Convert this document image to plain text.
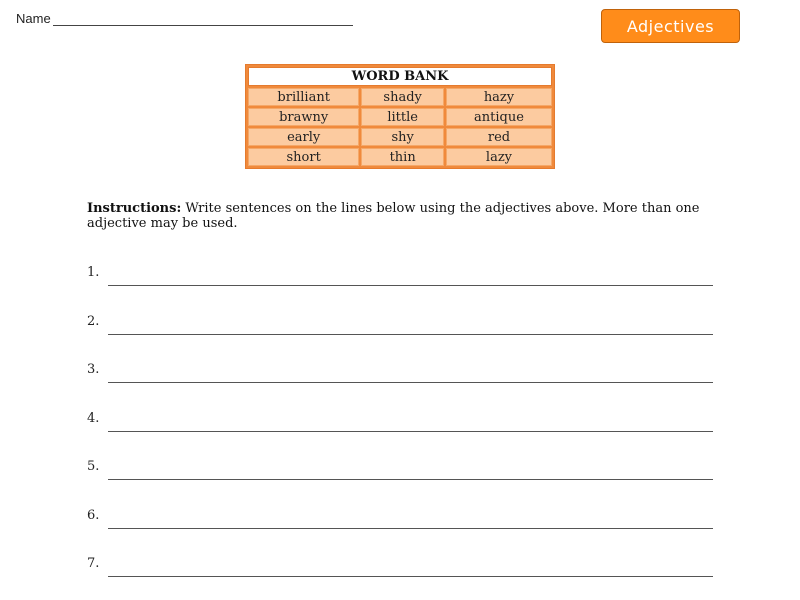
Name	Adjectives
WORD BANK		
brilliant	shady	hazy
brawny	little	antique
early	shy	red
short	thin	lazy
Instructions: Write sentences on the lines below using the adjectives above. More than one adjective may be used.
1.
2.
3.
4.
5.
6.
7.
